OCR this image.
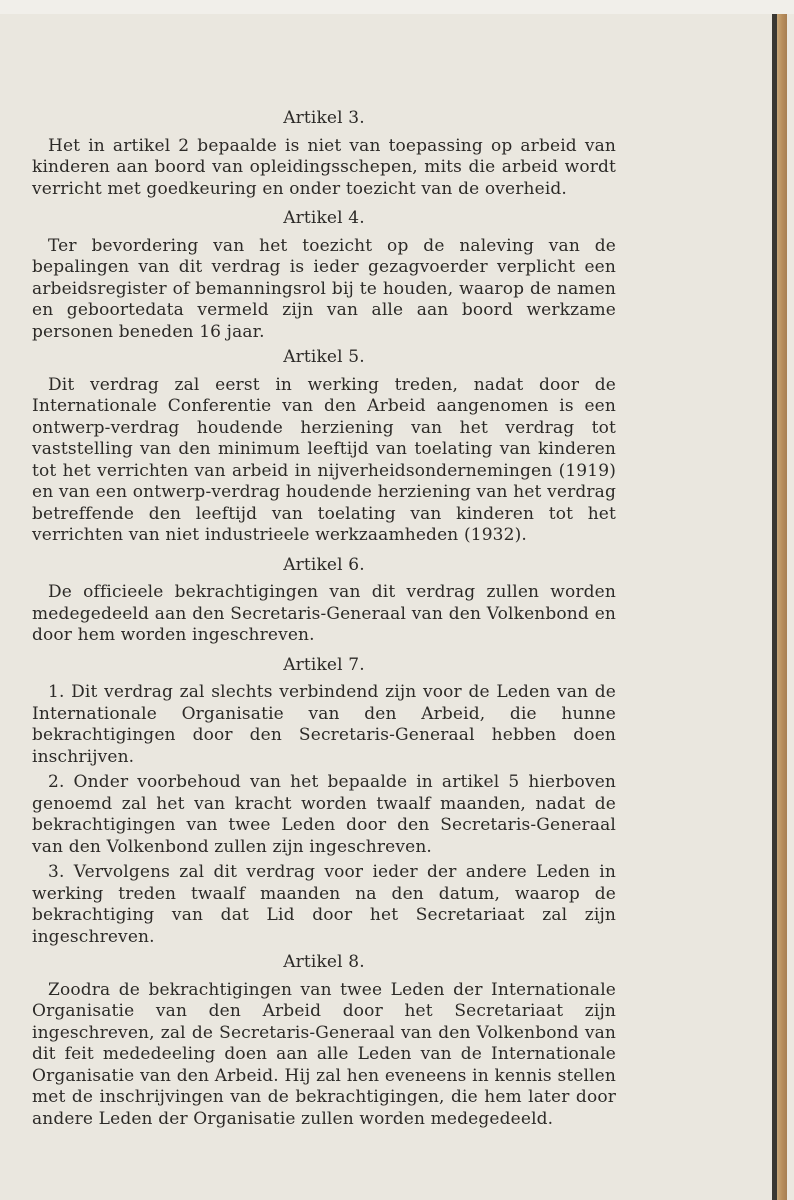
Artikel 3.

Het in artikel 2 bepaalde is niet van toepassing op arbeid van kinderen aan boord van opleidingsschepen, mits die arbeid wordt verricht met goedkeuring en onder toezicht van de overheid.

Artikel 4.

Ter bevordering van het toezicht op de naleving van de bepalingen van dit verdrag is ieder gezagvoerder verplicht een arbeidsregister of bemanningsrol bij te houden, waarop de namen en geboortedata vermeld zijn van alle aan boord werkzame personen beneden 16 jaar.

Artikel 5.

Dit verdrag zal eerst in werking treden, nadat door de Internationale Conferentie van den Arbeid aangenomen is een ontwerp-verdrag houdende herziening van het verdrag tot vaststelling van den minimum leeftijd van toelating van kinderen tot het verrichten van arbeid in nijverheidsondernemingen (1919) en van een ontwerp-verdrag houdende herziening van het verdrag betreffende den leeftijd van toelating van kinderen tot het verrichten van niet industrieele werkzaamheden (1932).

Artikel 6.

De officieele bekrachtigingen van dit verdrag zullen worden medegedeeld aan den Secretaris-Generaal van den Volkenbond en door hem worden ingeschreven.

Artikel 7.

1. Dit verdrag zal slechts verbindend zijn voor de Leden van de Internationale Organisatie van den Arbeid, die hunne bekrachtigingen door den Secretaris-Generaal hebben doen inschrijven.

2. Onder voorbehoud van het bepaalde in artikel 5 hierboven genoemd zal het van kracht worden twaalf maanden, nadat de bekrachtigingen van twee Leden door den Secretaris-Generaal van den Volkenbond zullen zijn ingeschreven.

3. Vervolgens zal dit verdrag voor ieder der andere Leden in werking treden twaalf maanden na den datum, waarop de bekrachtiging van dat Lid door het Secretariaat zal zijn ingeschreven.

Artikel 8.

Zoodra de bekrachtigingen van twee Leden der Internationale Organisatie van den Arbeid door het Secretariaat zijn ingeschreven, zal de Secretaris-Generaal van den Volkenbond van dit feit mededeeling doen aan alle Leden van de Internationale Organisatie van den Arbeid. Hij zal hen eveneens in kennis stellen met de inschrijvingen van de bekrachtigingen, die hem later door andere Leden der Organisatie zullen worden medegedeeld.
